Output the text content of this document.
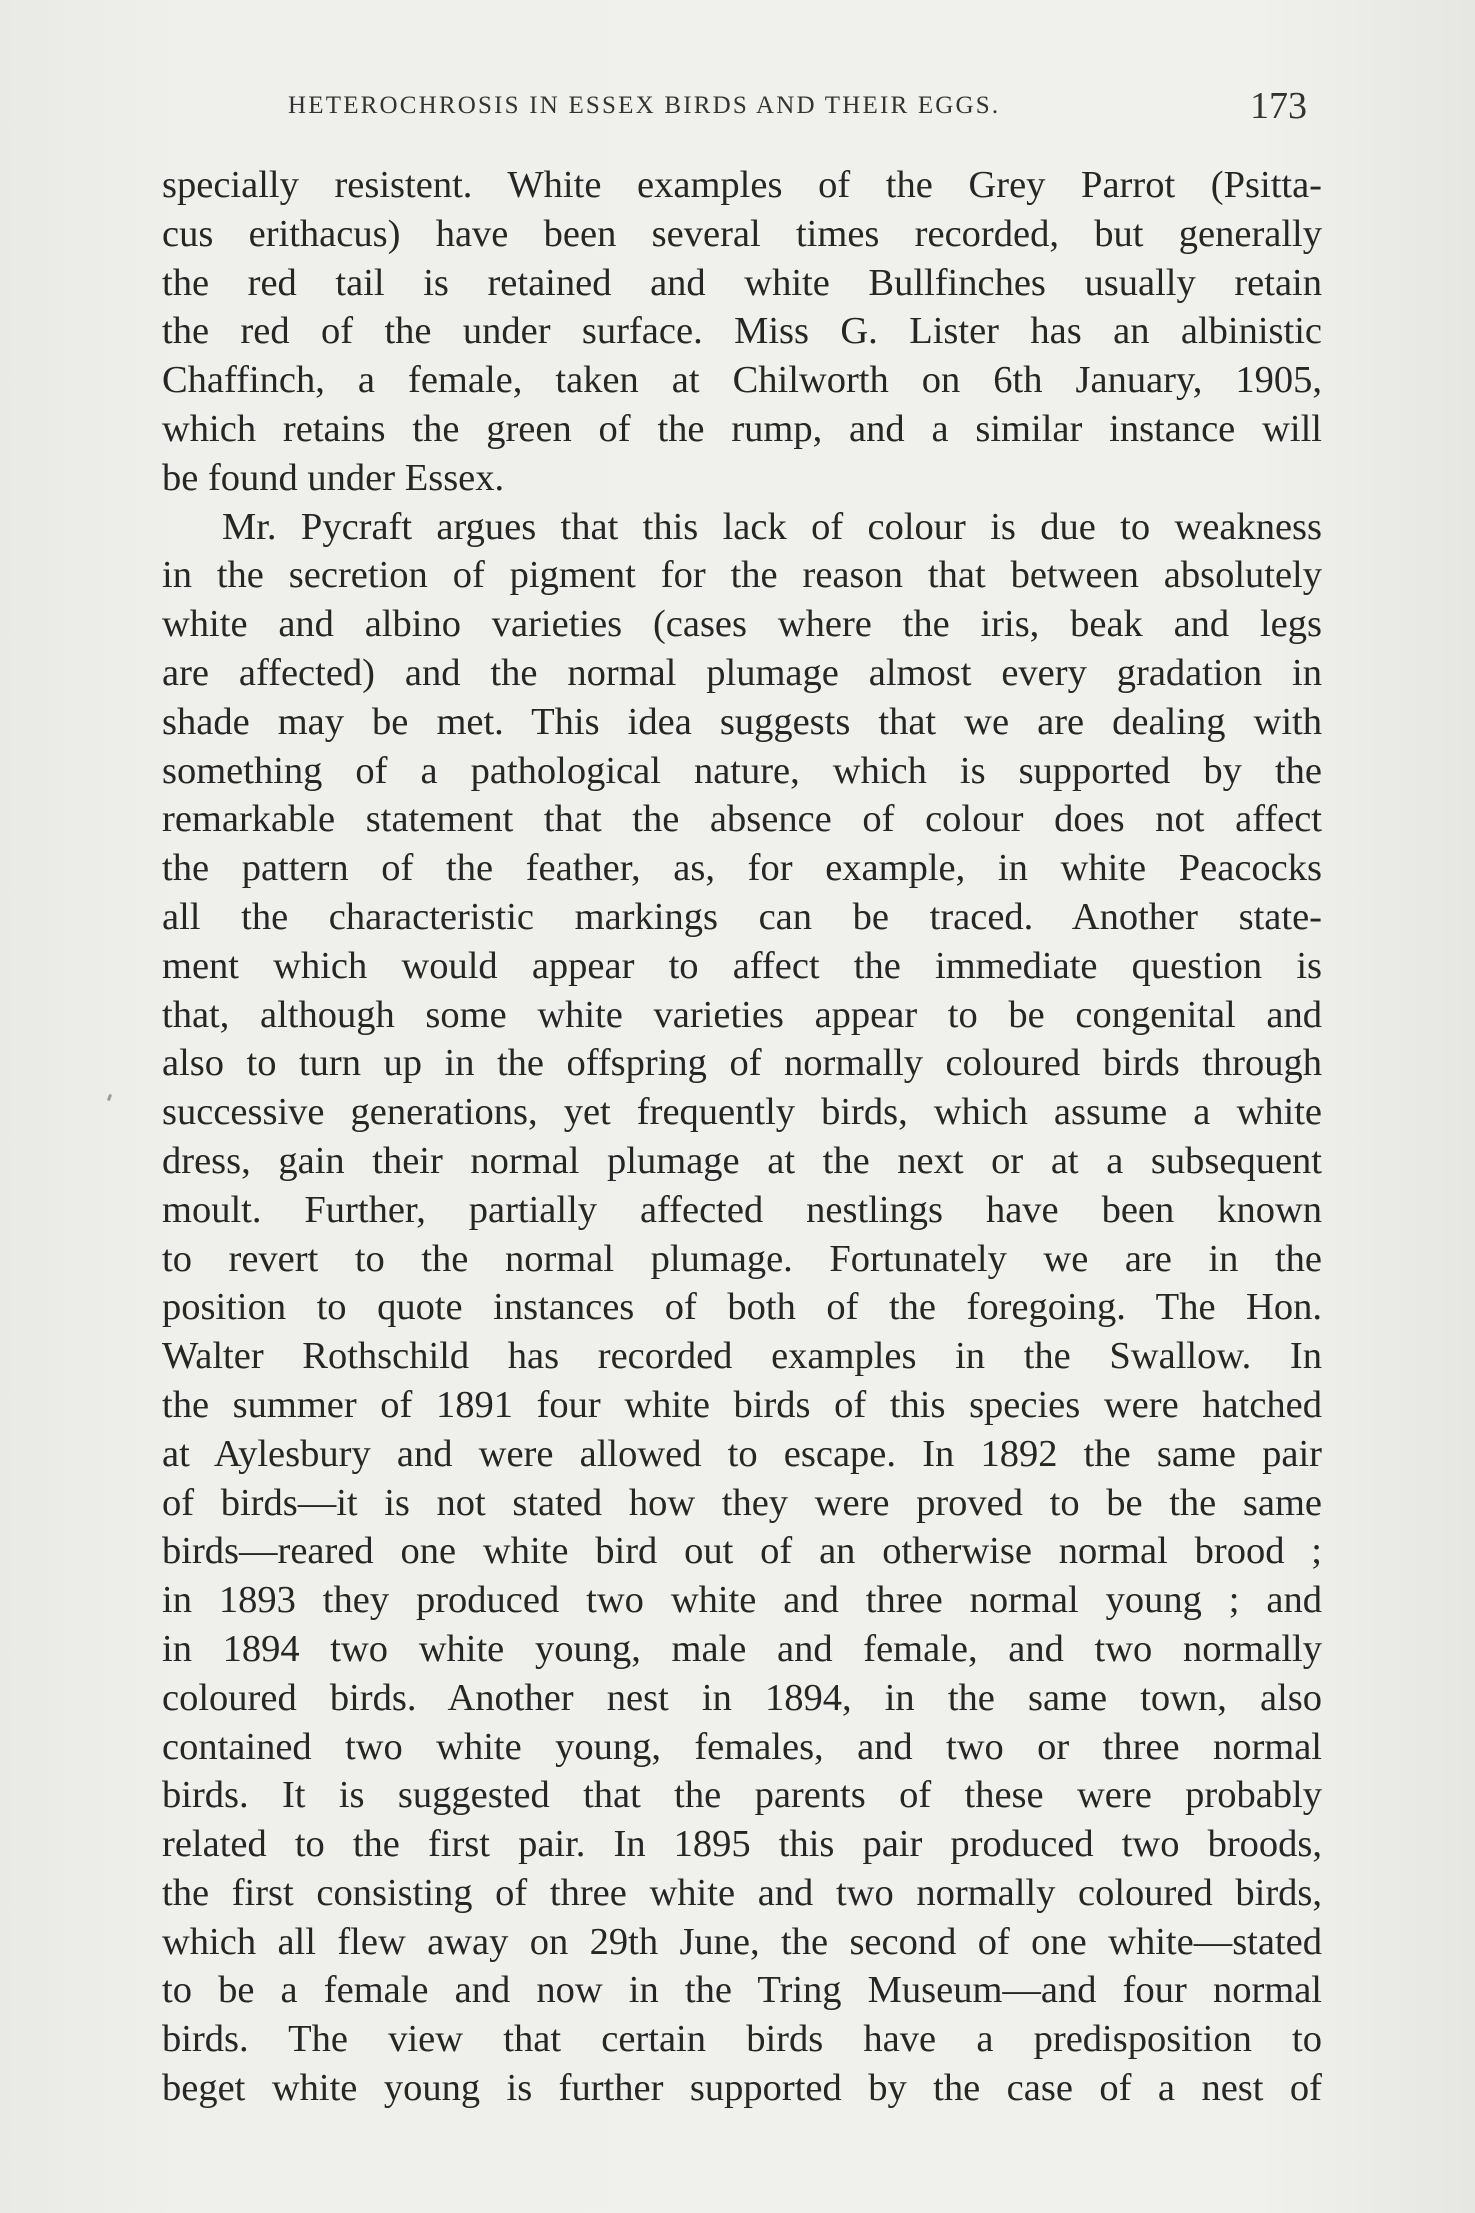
HETEROCHROSIS IN ESSEX BIRDS AND THEIR EGGS.	173
specially resistent. White examples of the Grey Parrot (Psitta-
cus erithacus) have been several times recorded, but generally
the red tail is retained and white Bullfinches usually retain
the red of the under surface. Miss G. Lister has an albinistic
Chaffinch, a female, taken at Chilworth on 6th January, 1905,
which retains the green of the rump, and a similar instance will
be found under Essex.
Mr. Pycraft argues that this lack of colour is due to weakness
in the secretion of pigment for the reason that between absolutely
white and albino varieties (cases where the iris, beak and legs
are affected) and the normal plumage almost every gradation in
shade may be met. This idea suggests that we are dealing with
something of a pathological nature, which is supported by the
remarkable statement that the absence of colour does not affect
the pattern of the feather, as, for example, in white Peacocks
all the characteristic markings can be traced. Another state-
ment which would appear to affect the immediate question is
that, although some white varieties appear to be congenital and
also to turn up in the offspring of normally coloured birds through
successive generations, yet frequently birds, which assume a white
dress, gain their normal plumage at the next or at a subsequent
moult. Further, partially affected nestlings have been known
to revert to the normal plumage. Fortunately we are in the
position to quote instances of both of the foregoing. The Hon.
Walter Rothschild has recorded examples in the Swallow. In
the summer of 1891 four white birds of this species were hatched
at Aylesbury and were allowed to escape. In 1892 the same pair
of birds—it is not stated how they were proved to be the same
birds—reared one white bird out of an otherwise normal brood ;
in 1893 they produced two white and three normal young ; and
in 1894 two white young, male and female, and two normally
coloured birds. Another nest in 1894, in the same town, also
contained two white young, females, and two or three normal
birds. It is suggested that the parents of these were probably
related to the first pair. In 1895 this pair produced two broods,
the first consisting of three white and two normally coloured birds,
which all flew away on 29th June, the second of one white—stated
to be a female and now in the Tring Museum—and four normal
birds. The view that certain birds have a predisposition to
beget white young is further supported by the case of a nest of
